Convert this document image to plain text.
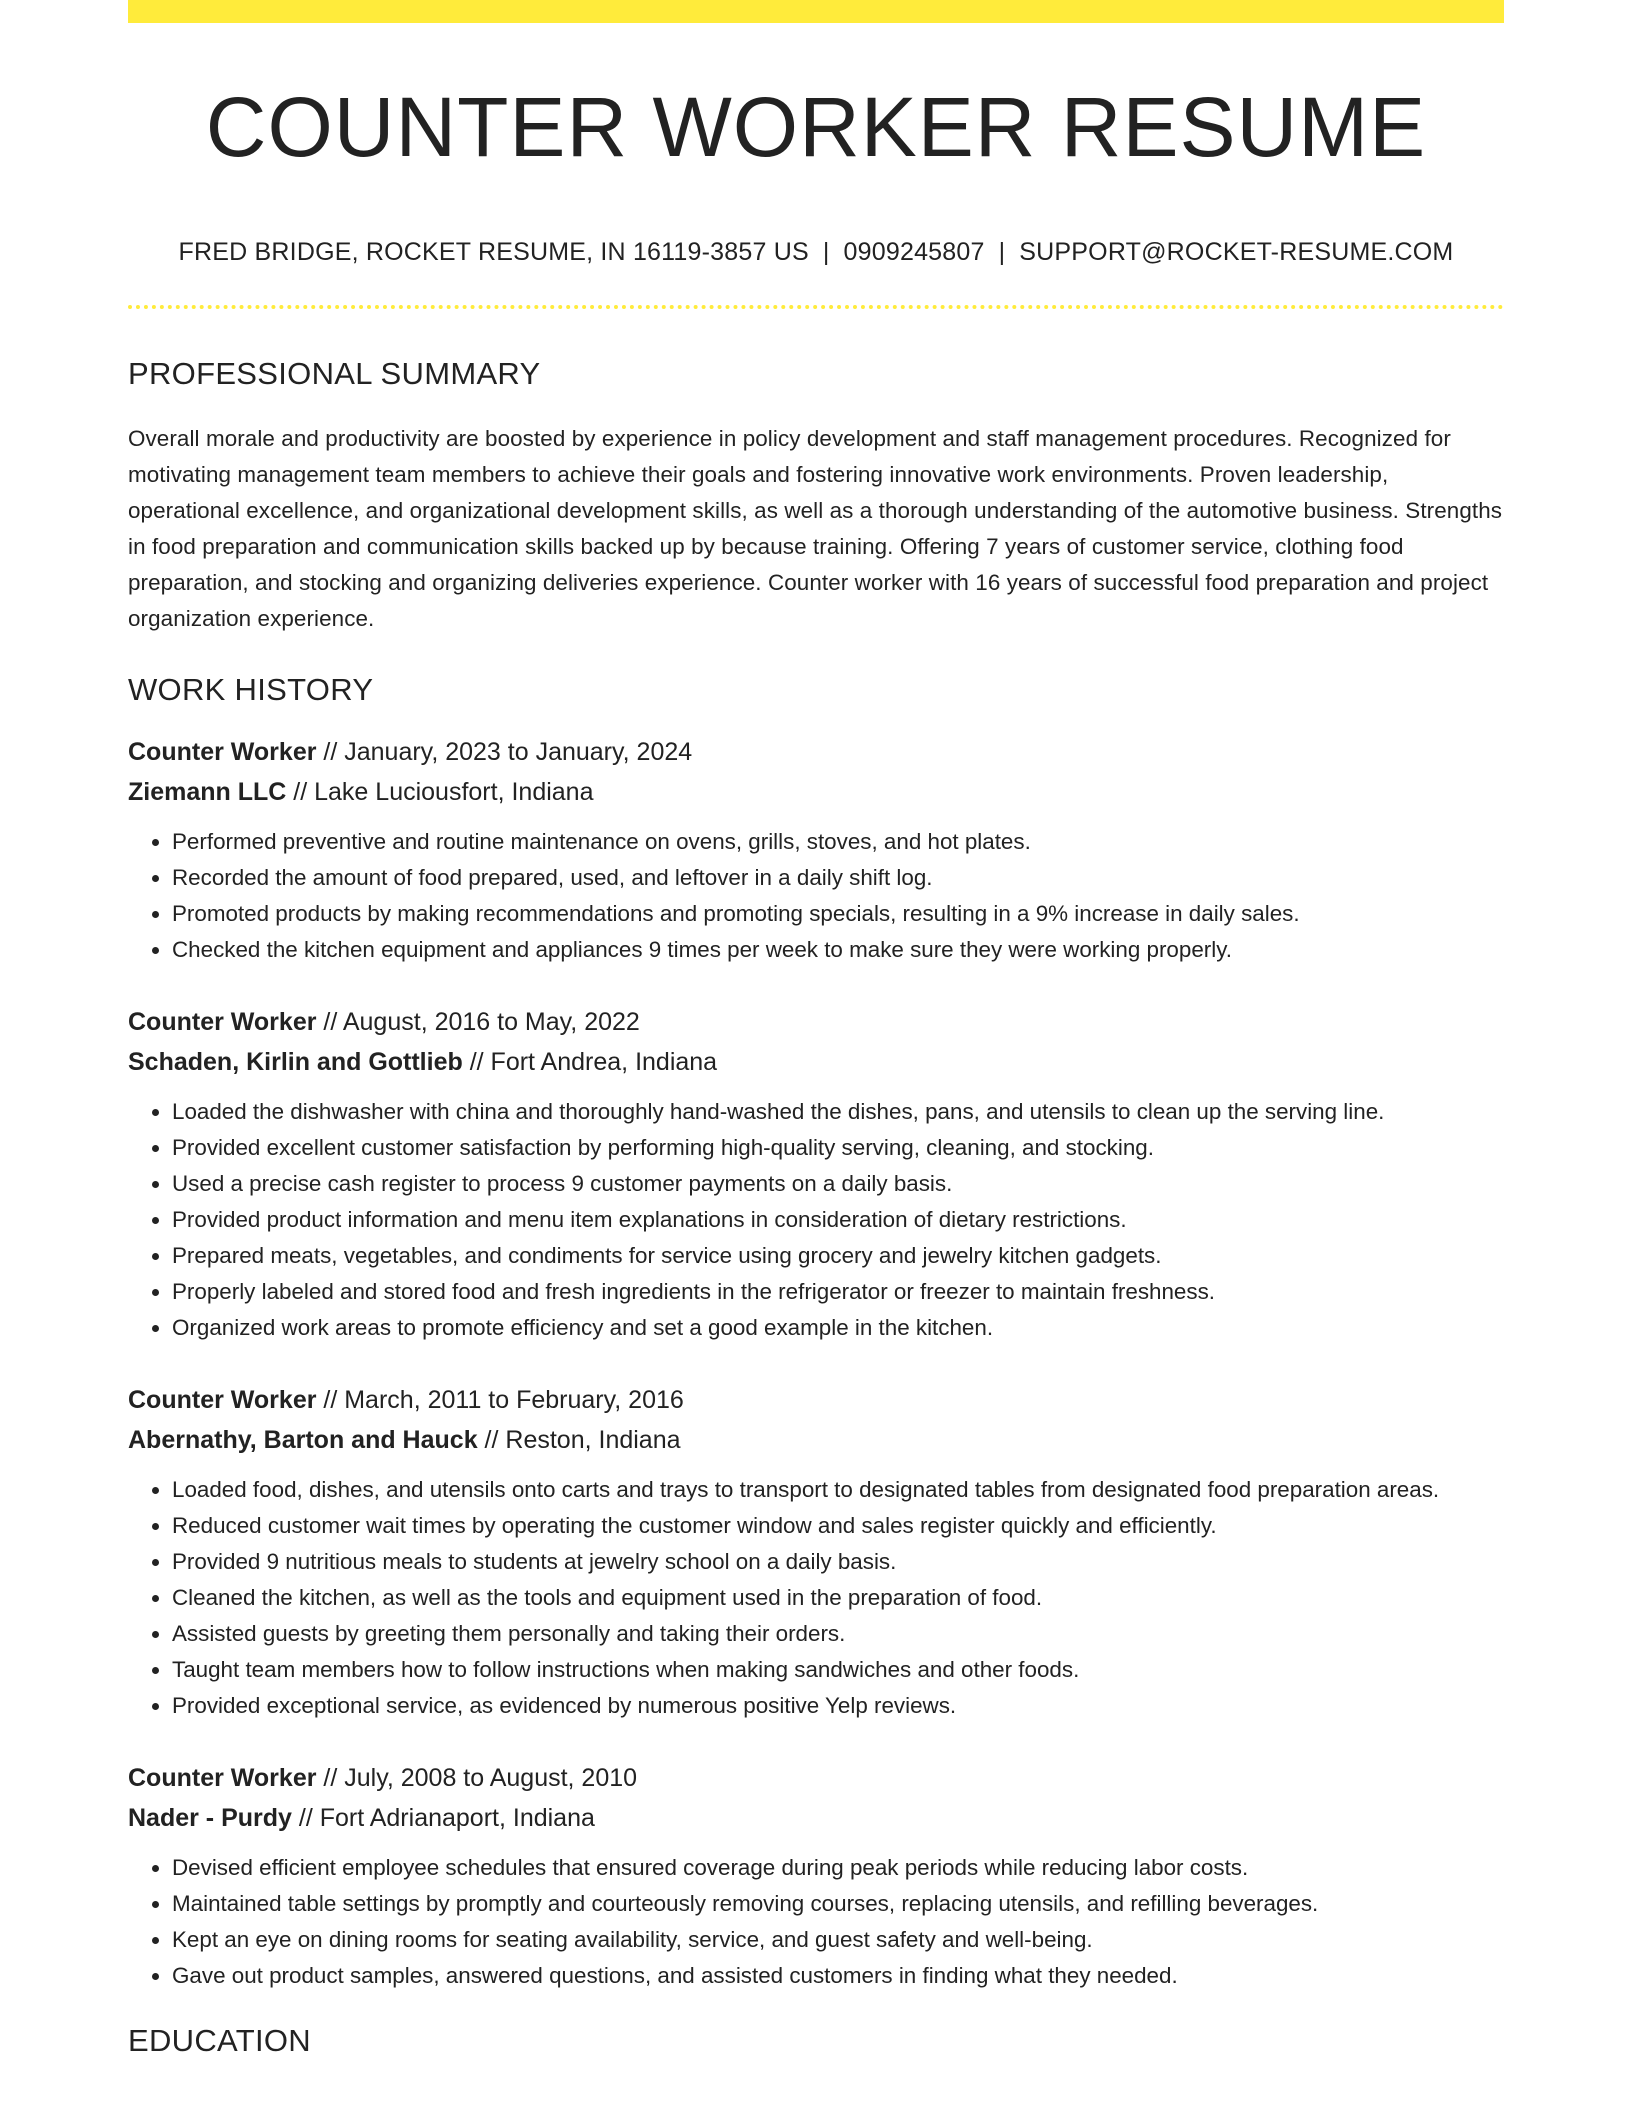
COUNTER WORKER RESUME
FRED BRIDGE, ROCKET RESUME, IN 16119-3857 US | 0909245807 | SUPPORT@ROCKET-RESUME.COM
PROFESSIONAL SUMMARY

Overall morale and productivity are boosted by experience in policy development and staff management procedures. Recognized for motivating management team members to achieve their goals and fostering innovative work environments. Proven leadership, operational excellence, and organizational development skills, as well as a thorough understanding of the automotive business. Strengths in food preparation and communication skills backed up by because training. Offering 7 years of customer service, clothing food preparation, and stocking and organizing deliveries experience. Counter worker with 16 years of successful food preparation and project organization experience.

WORK HISTORY
Counter Worker // January, 2023 to January, 2024
Ziemann LLC // Lake Luciousfort, Indiana
• Performed preventive and routine maintenance on ovens, grills, stoves, and hot plates.
• Recorded the amount of food prepared, used, and leftover in a daily shift log.
• Promoted products by making recommendations and promoting specials, resulting in a 9% increase in daily sales.
• Checked the kitchen equipment and appliances 9 times per week to make sure they were working properly.
Counter Worker // August, 2016 to May, 2022
Schaden, Kirlin and Gottlieb // Fort Andrea, Indiana
• Loaded the dishwasher with china and thoroughly hand-washed the dishes, pans, and utensils to clean up the serving line.
• Provided excellent customer satisfaction by performing high-quality serving, cleaning, and stocking.
• Used a precise cash register to process 9 customer payments on a daily basis.
• Provided product information and menu item explanations in consideration of dietary restrictions.
• Prepared meats, vegetables, and condiments for service using grocery and jewelry kitchen gadgets.
• Properly labeled and stored food and fresh ingredients in the refrigerator or freezer to maintain freshness.
• Organized work areas to promote efficiency and set a good example in the kitchen.
Counter Worker // March, 2011 to February, 2016
Abernathy, Barton and Hauck // Reston, Indiana
• Loaded food, dishes, and utensils onto carts and trays to transport to designated tables from designated food preparation areas.
• Reduced customer wait times by operating the customer window and sales register quickly and efficiently.
• Provided 9 nutritious meals to students at jewelry school on a daily basis.
• Cleaned the kitchen, as well as the tools and equipment used in the preparation of food.
• Assisted guests by greeting them personally and taking their orders.
• Taught team members how to follow instructions when making sandwiches and other foods.
• Provided exceptional service, as evidenced by numerous positive Yelp reviews.
Counter Worker // July, 2008 to August, 2010
Nader - Purdy // Fort Adrianaport, Indiana
• Devised efficient employee schedules that ensured coverage during peak periods while reducing labor costs.
• Maintained table settings by promptly and courteously removing courses, replacing utensils, and refilling beverages.
• Kept an eye on dining rooms for seating availability, service, and guest safety and well-being.
• Gave out product samples, answered questions, and assisted customers in finding what they needed.
EDUCATION
